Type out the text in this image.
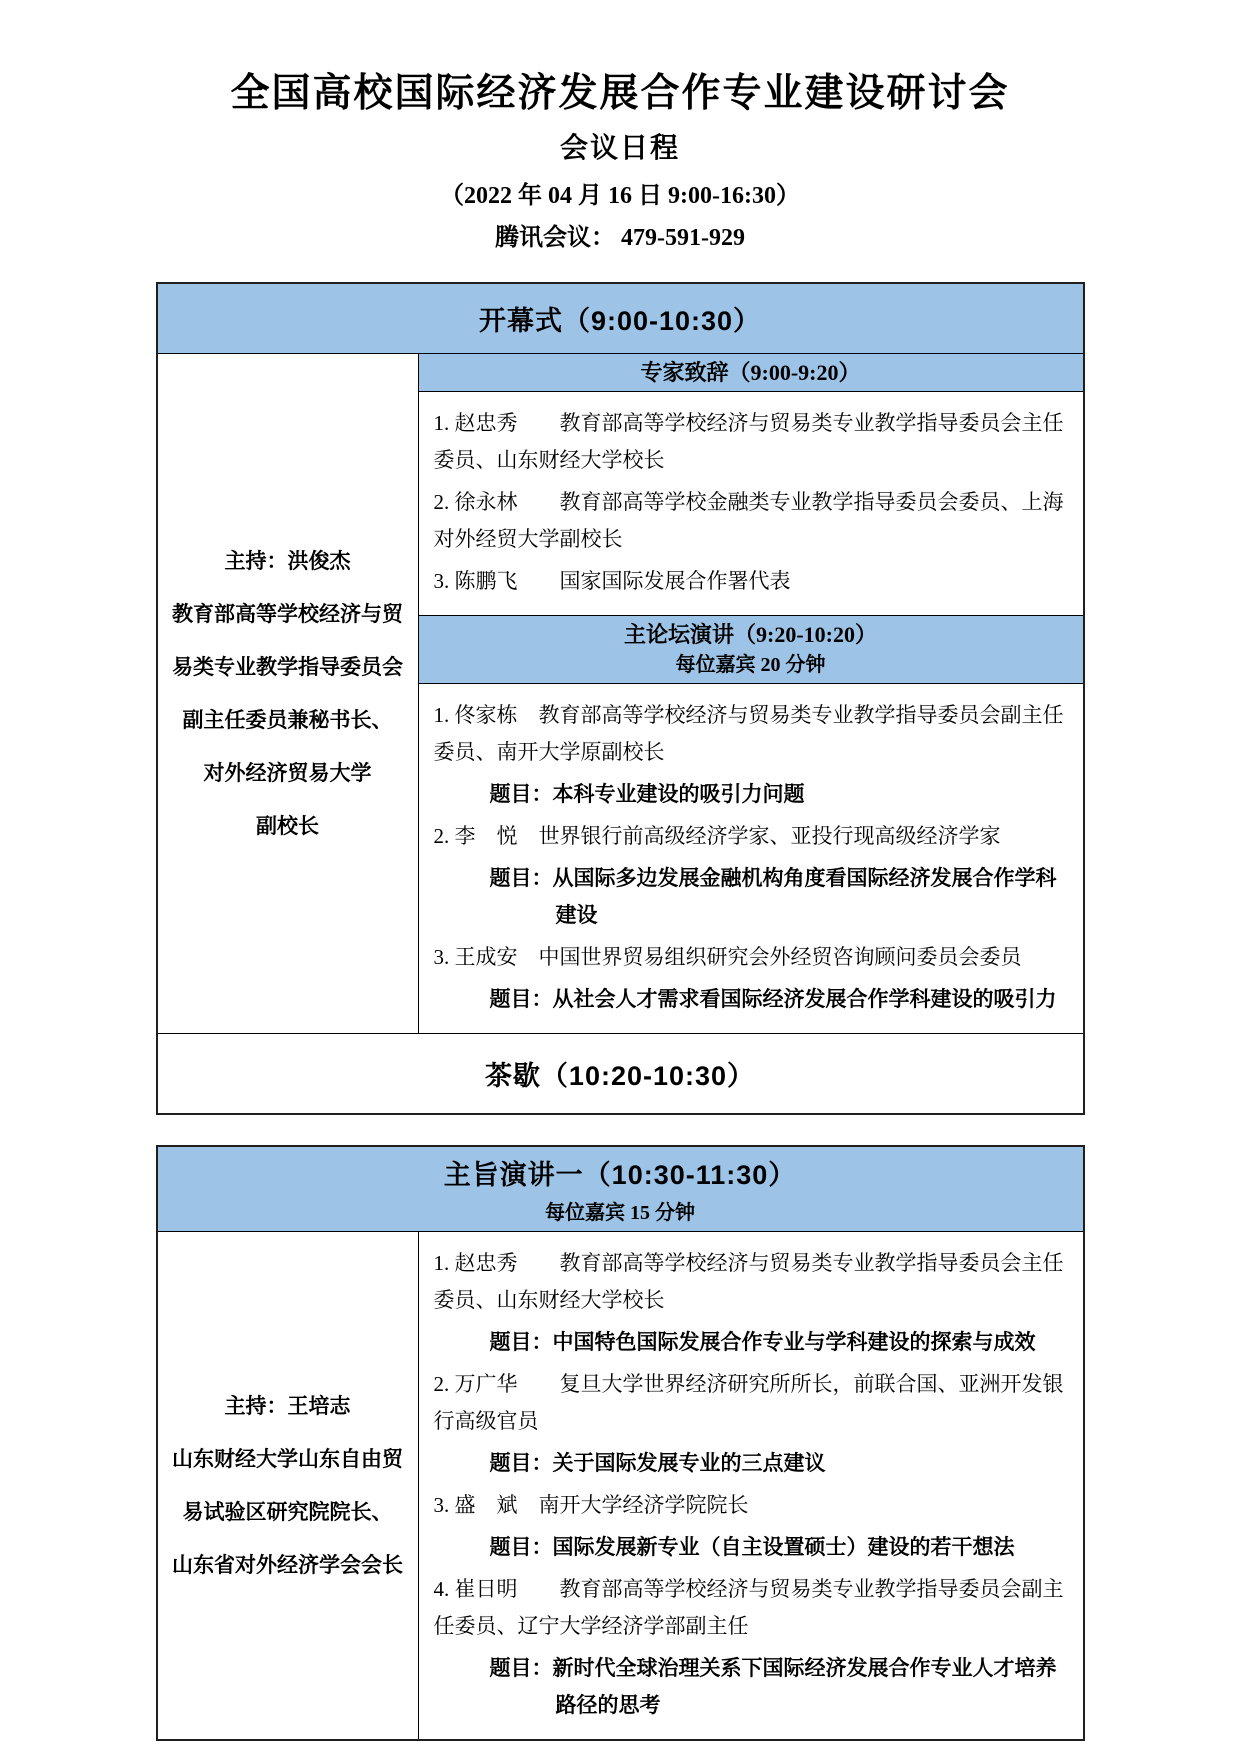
全国高校国际经济发展合作专业建设研讨会
会议日程
（2022 年 04 月 16 日 9:00-16:30）
腾讯会议： 479-591-929
开幕式（9:00-10:30）
主持：洪俊杰
教育部高等学校经济与贸
易类专业教学指导委员会
副主任委员兼秘书长、
对外经济贸易大学
副校长
专家致辞（9:00-9:20）
1. 赵忠秀　　教育部高等学校经济与贸易类专业教学指导委员会主任委员、山东财经大学校长
2. 徐永林　　教育部高等学校金融类专业教学指导委员会委员、上海对外经贸大学副校长
3. 陈鹏飞　　国家国际发展合作署代表
主论坛演讲（9:20-10:20）
每位嘉宾 20 分钟
1. 佟家栋　教育部高等学校经济与贸易类专业教学指导委员会副主任委员、南开大学原副校长
题目：本科专业建设的吸引力问题
2. 李　悦　世界银行前高级经济学家、亚投行现高级经济学家
题目：从国际多边发展金融机构角度看国际经济发展合作学科建设
3. 王成安　中国世界贸易组织研究会外经贸咨询顾问委员会委员
题目：从社会人才需求看国际经济发展合作学科建设的吸引力
茶歇（10:20-10:30）
主旨演讲一（10:30-11:30）
每位嘉宾 15 分钟
主持：王培志
山东财经大学山东自由贸
易试验区研究院院长、
山东省对外经济学会会长
1. 赵忠秀　　教育部高等学校经济与贸易类专业教学指导委员会主任委员、山东财经大学校长
题目：中国特色国际发展合作专业与学科建设的探索与成效
2. 万广华　　复旦大学世界经济研究所所长，前联合国、亚洲开发银行高级官员
题目：关于国际发展专业的三点建议
3. 盛　斌　南开大学经济学院院长
题目：国际发展新专业（自主设置硕士）建设的若干想法
4. 崔日明　　教育部高等学校经济与贸易类专业教学指导委员会副主任委员、辽宁大学经济学部副主任
题目：新时代全球治理关系下国际经济发展合作专业人才培养路径的思考
